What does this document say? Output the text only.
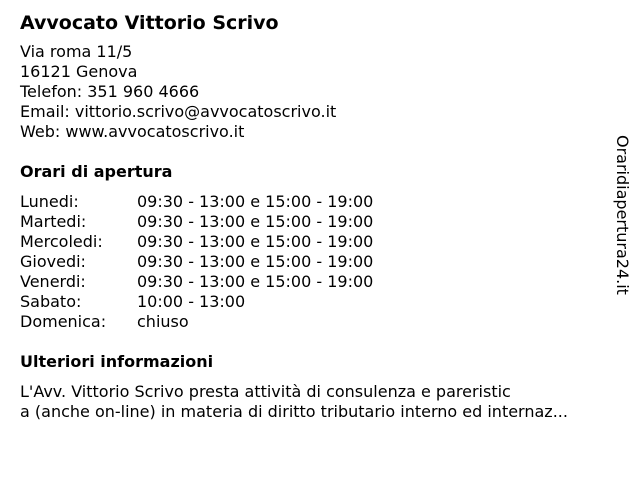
Avvocato Vittorio Scrivo
Via roma 11/5
16121 Genova
Telefon: 351 960 4666
Email: vittorio.scrivo@avvocatoscrivo.it
Web: www.avvocatoscrivo.it
Orari di apertura
Lunedi:	09:30 - 13:00 e 15:00 - 19:00
Martedi:	09:30 - 13:00 e 15:00 - 19:00
Mercoledi:	09:30 - 13:00 e 15:00 - 19:00
Giovedi:	09:30 - 13:00 e 15:00 - 19:00
Venerdi:	09:30 - 13:00 e 15:00 - 19:00
Sabato:	10:00 - 13:00
Domenica:	chiuso
Ulteriori informazioni
L'Avv. Vittorio Scrivo presta attività di consulenza e pareristic
a (anche on-line) in materia di diritto tributario interno ed internaz...
Oraridiapertura24.it
